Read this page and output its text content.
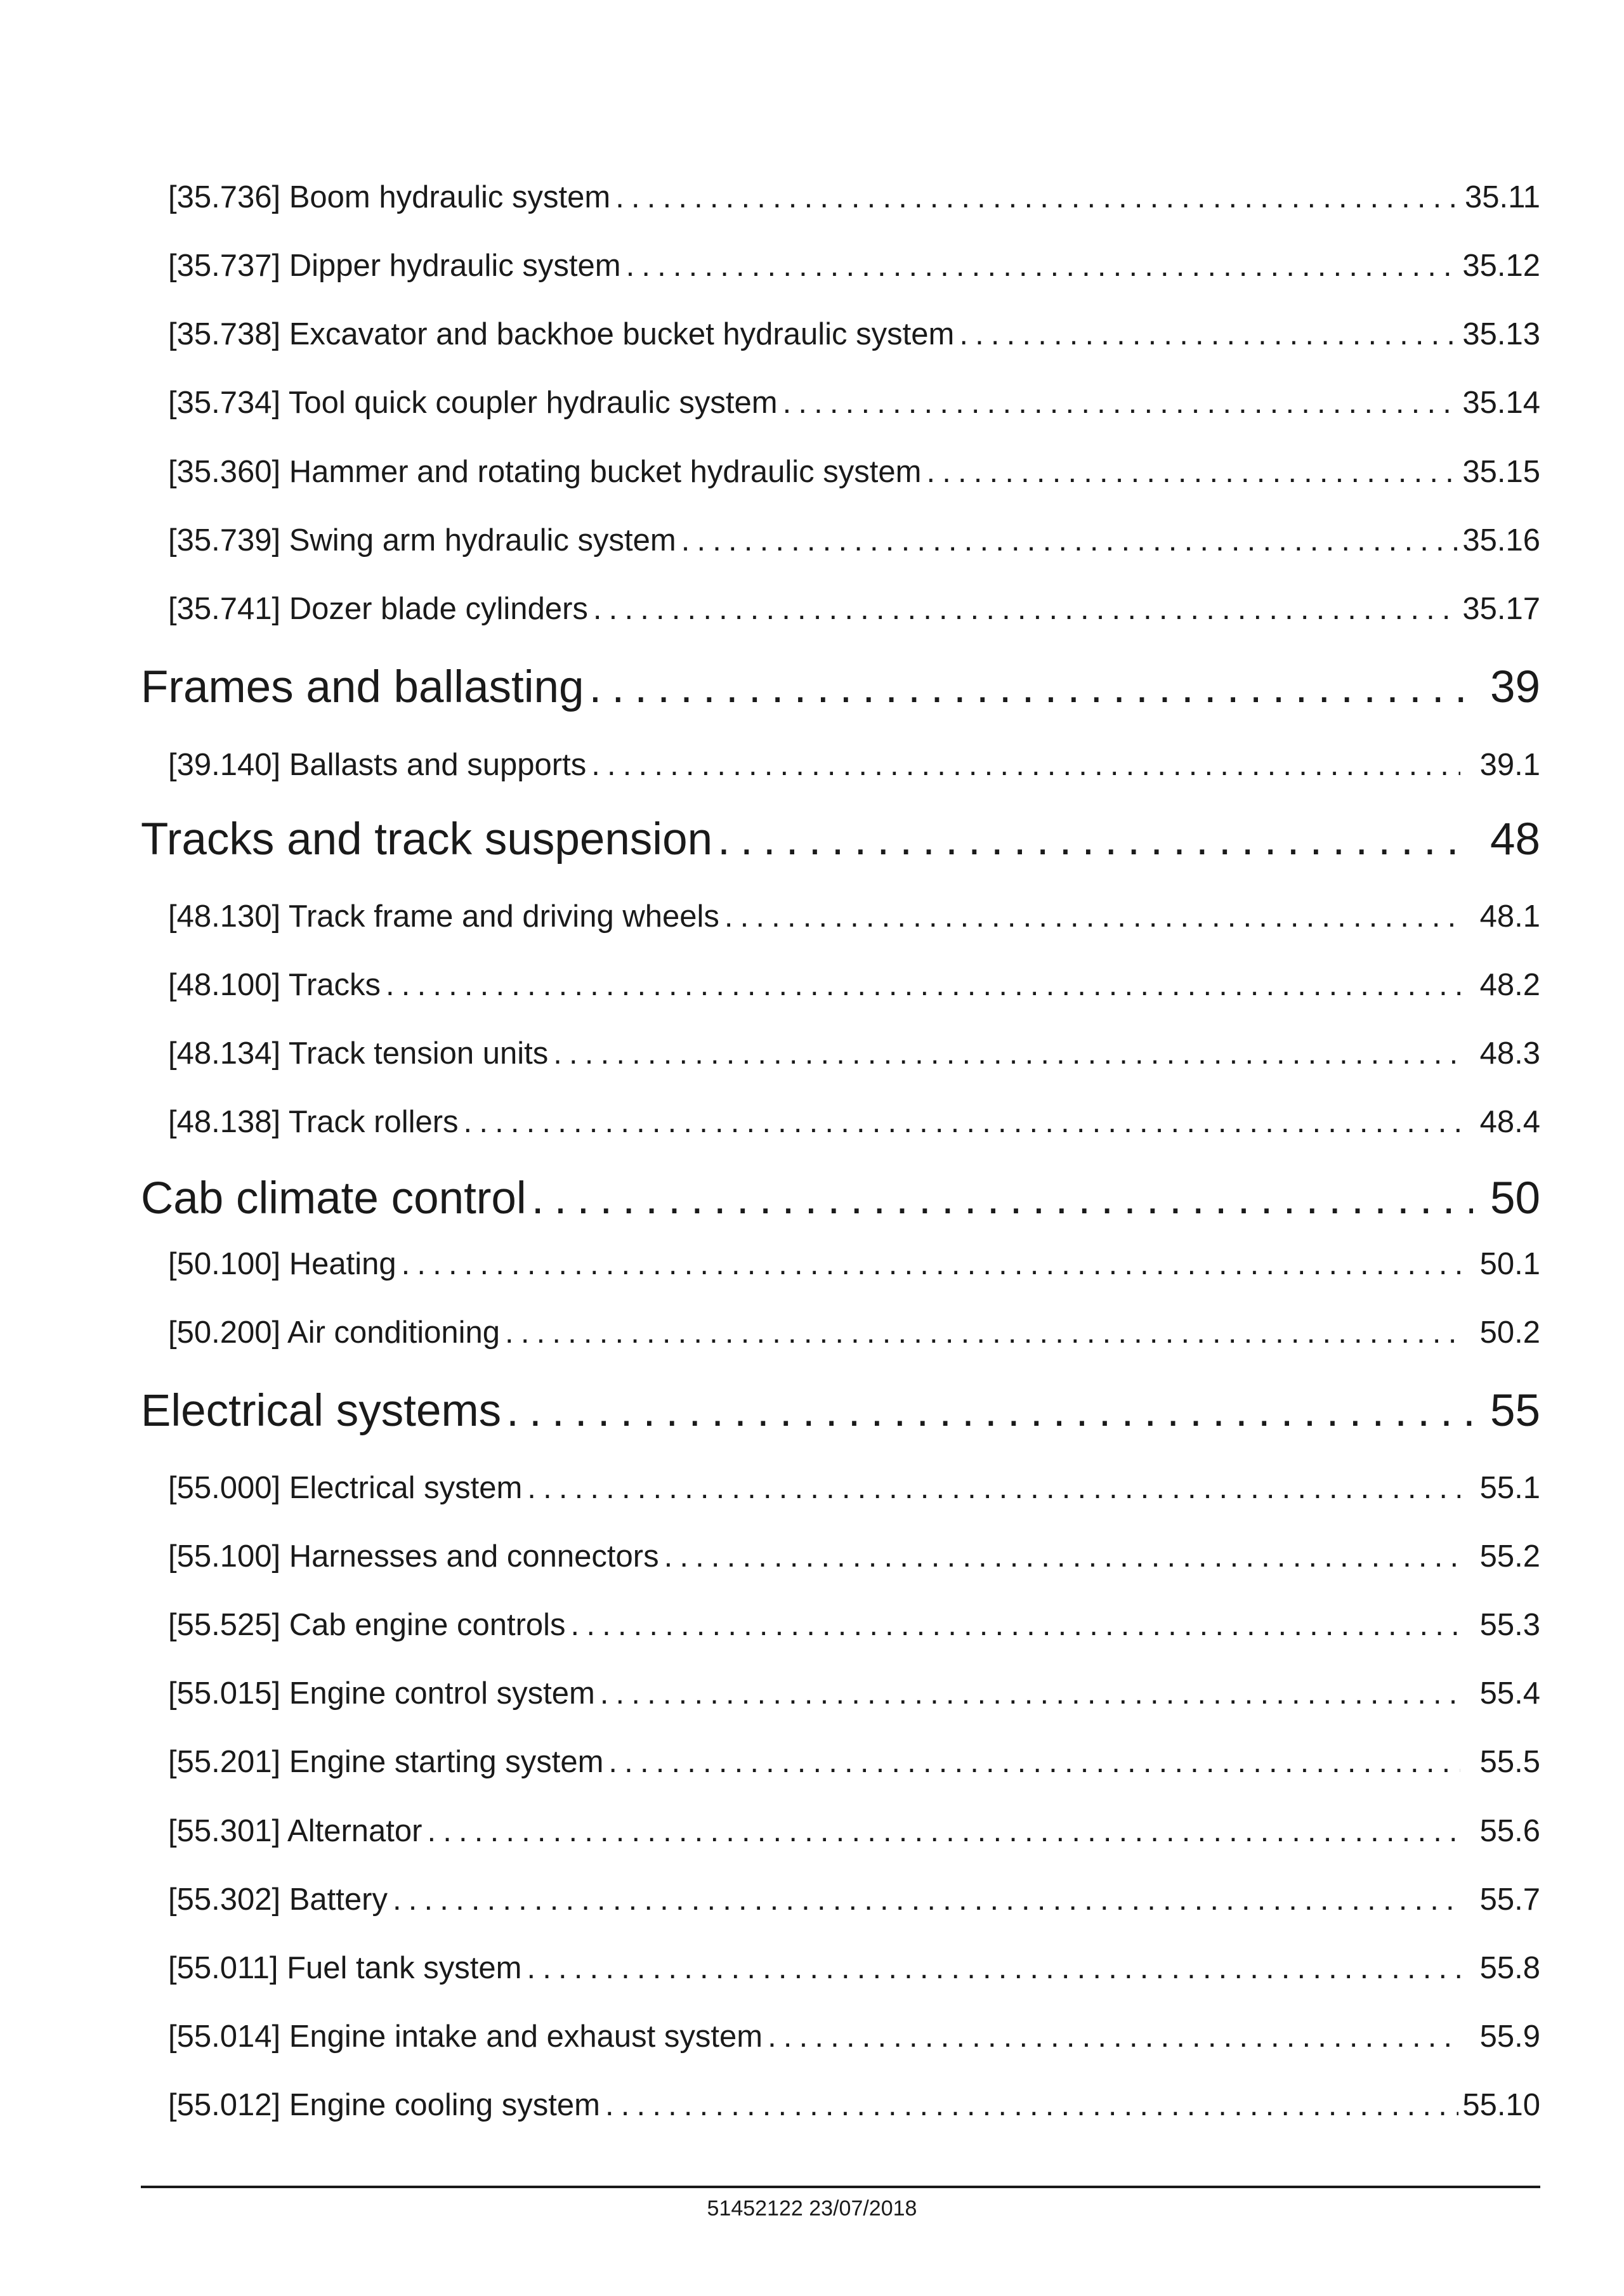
[35.736] Boom hydraulic system . . .	35.11
[35.737] Dipper hydraulic system . . .	35.12
[35.738] Excavator and backhoe bucket hydraulic system . . .	35.13
[35.734] Tool quick coupler hydraulic system . . .	35.14
[35.360] Hammer and rotating bucket hydraulic system . . .	35.15
[35.739] Swing arm hydraulic system . . .	35.16
[35.741] Dozer blade cylinders . . .	35.17
Frames and ballasting . . .	39
[39.140] Ballasts and supports . . .	39.1
Tracks and track suspension . . .	48
[48.130] Track frame and driving wheels . . .	48.1
[48.100] Tracks . . .	48.2
[48.134] Track tension units . . .	48.3
[48.138] Track rollers . . .	48.4
Cab climate control . . .	50
[50.100] Heating . . .	50.1
[50.200] Air conditioning . . .	50.2
Electrical systems . . .	55
[55.000] Electrical system . . .	55.1
[55.100] Harnesses and connectors . . .	55.2
[55.525] Cab engine controls . . .	55.3
[55.015] Engine control system . . .	55.4
[55.201] Engine starting system . . .	55.5
[55.301] Alternator . . .	55.6
[55.302] Battery . . .	55.7
[55.011] Fuel tank system . . .	55.8
[55.014] Engine intake and exhaust system . . .	55.9
[55.012] Engine cooling system . . .	55.10
51452122 23/07/2018
